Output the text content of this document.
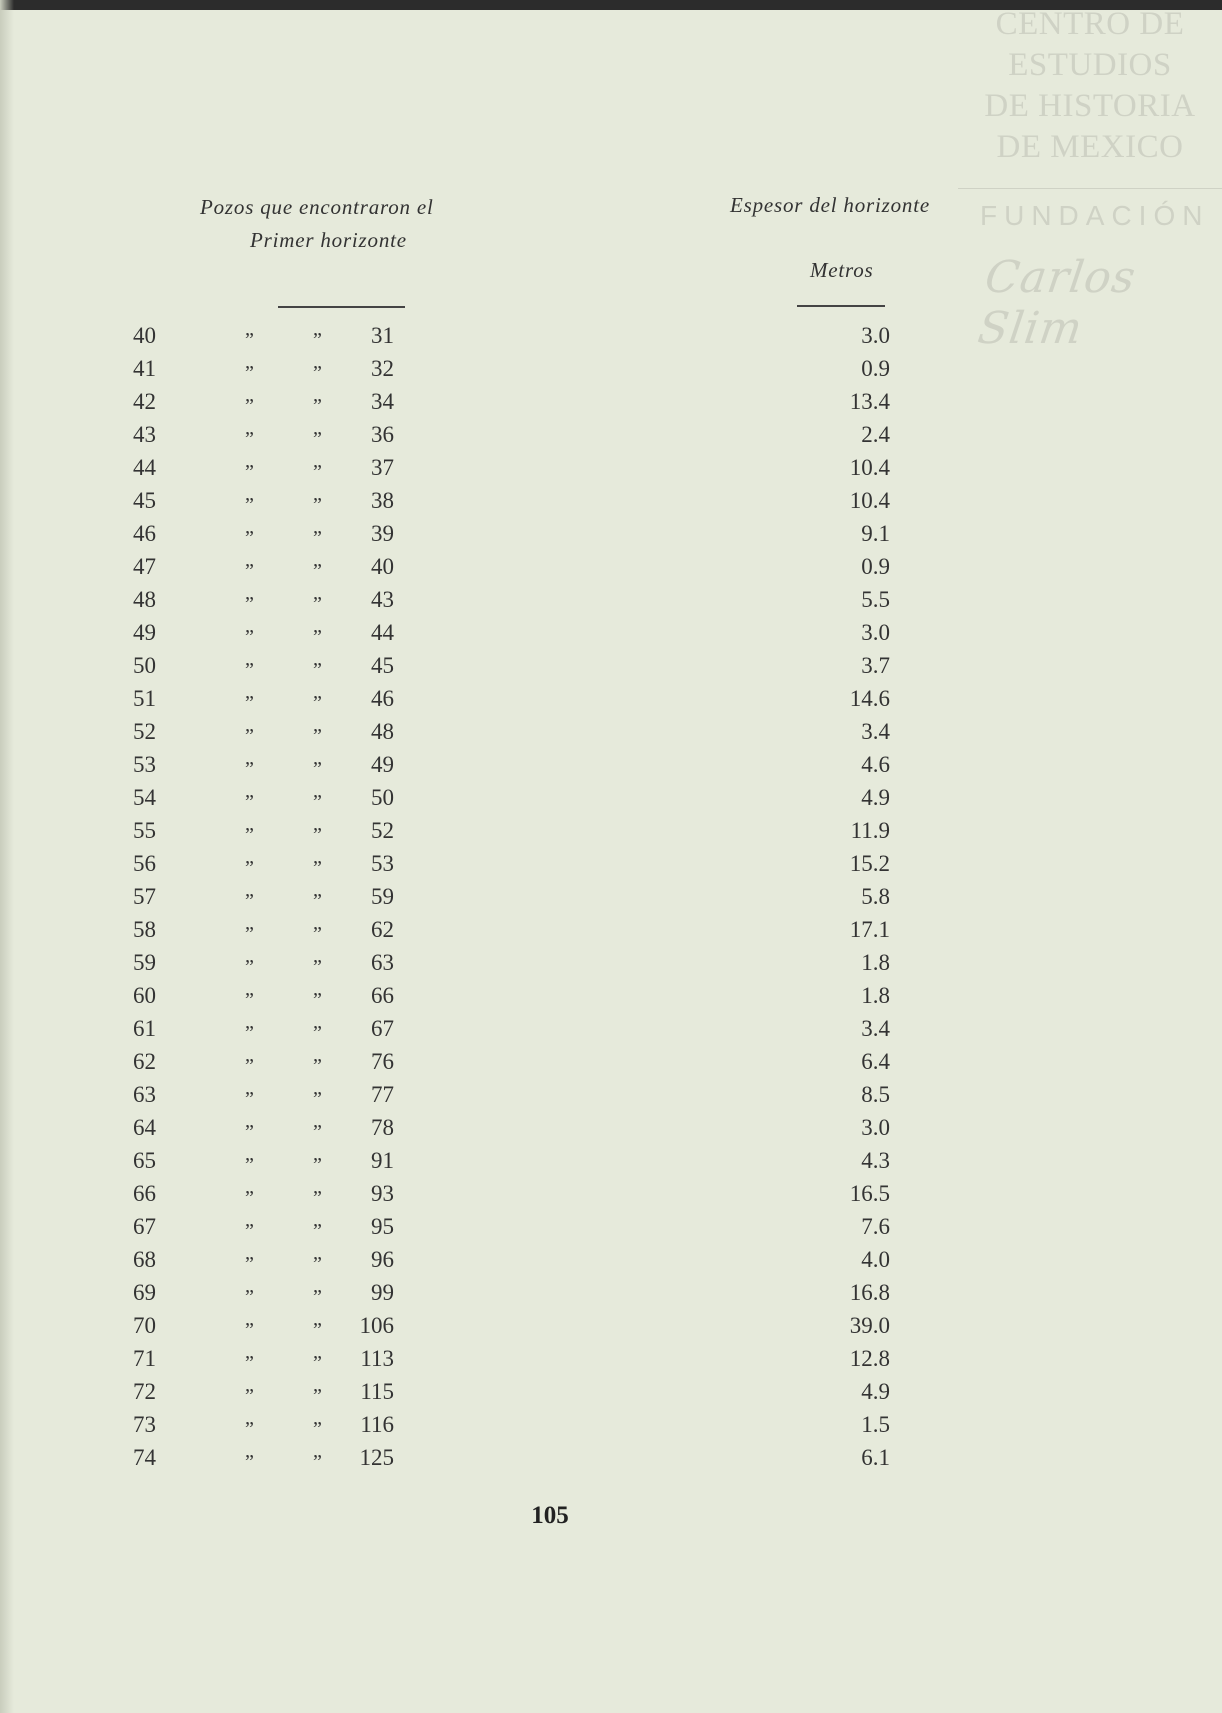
CENTRO DE
ESTUDIOS
DE HISTORIA
DE MEXICO
FUNDACIÓN
Carlos Slim
Pozos que encontraron el
Primer horizonte
Espesor del horizonte
Metros
40	”	”	31	3.0
41	”	”	32	0.9
42	”	”	34	13.4
43	”	”	36	2.4
44	”	”	37	10.4
45	”	”	38	10.4
46	”	”	39	9.1
47	”	”	40	0.9
48	”	”	43	5.5
49	”	”	44	3.0
50	”	”	45	3.7
51	”	”	46	14.6
52	”	”	48	3.4
53	”	”	49	4.6
54	”	”	50	4.9
55	”	”	52	11.9
56	”	”	53	15.2
57	”	”	59	5.8
58	”	”	62	17.1
59	”	”	63	1.8
60	”	”	66	1.8
61	”	”	67	3.4
62	”	”	76	6.4
63	”	”	77	8.5
64	”	”	78	3.0
65	”	”	91	4.3
66	”	”	93	16.5
67	”	”	95	7.6
68	”	”	96	4.0
69	”	”	99	16.8
70	”	”	106	39.0
71	”	”	113	12.8
72	”	”	115	4.9
73	”	”	116	1.5
74	”	”	125	6.1
105
